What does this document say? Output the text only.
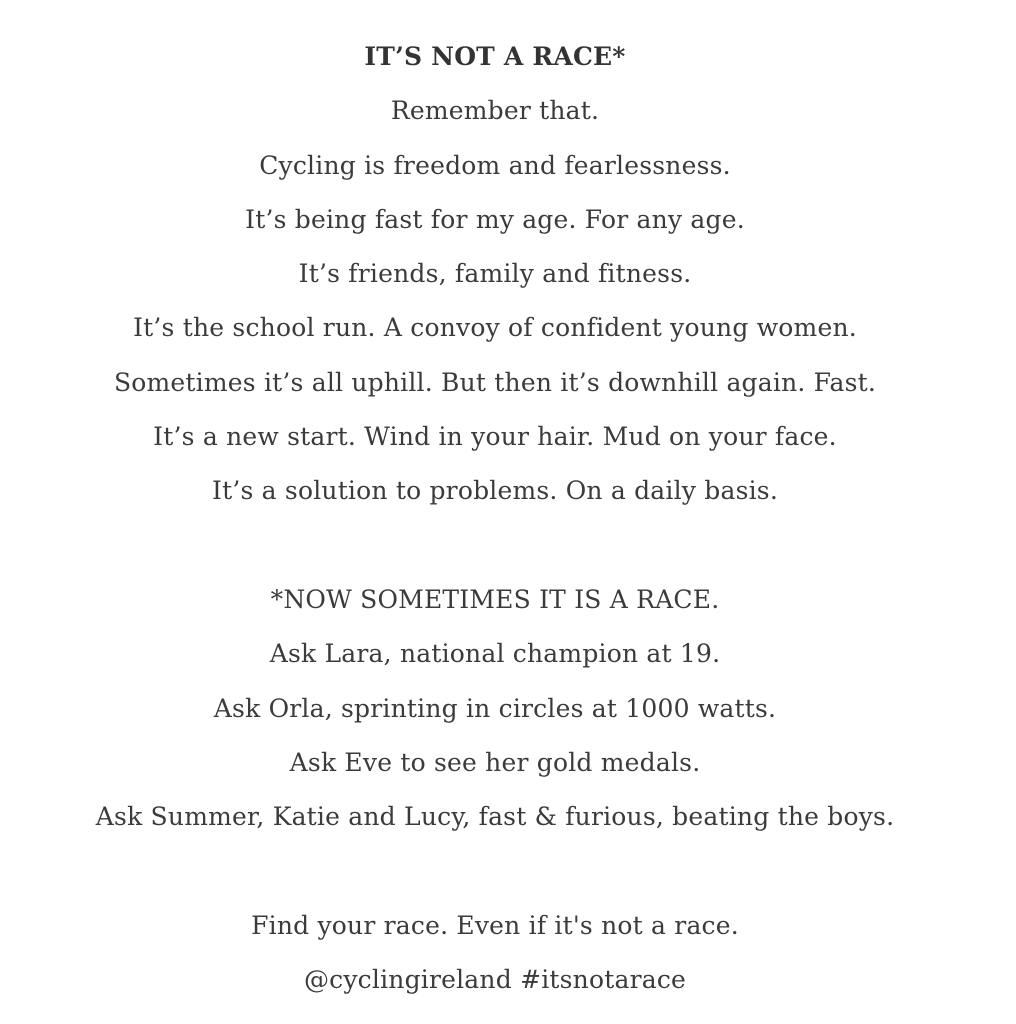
IT’S NOT A RACE*
Remember that.
Cycling is freedom and fearlessness.
It’s being fast for my age. For any age.
It’s friends, family and fitness.
It’s the school run. A convoy of confident young women.
Sometimes it’s all uphill. But then it’s downhill again. Fast.
It’s a new start. Wind in your hair. Mud on your face.
It’s a solution to problems. On a daily basis.
*NOW SOMETIMES IT IS A RACE.
Ask Lara, national champion at 19.
Ask Orla, sprinting in circles at 1000 watts.
Ask Eve to see her gold medals.
Ask Summer, Katie and Lucy, fast & furious, beating the boys.
Find your race. Even if it's not a race.
@cyclingireland #itsnotarace
